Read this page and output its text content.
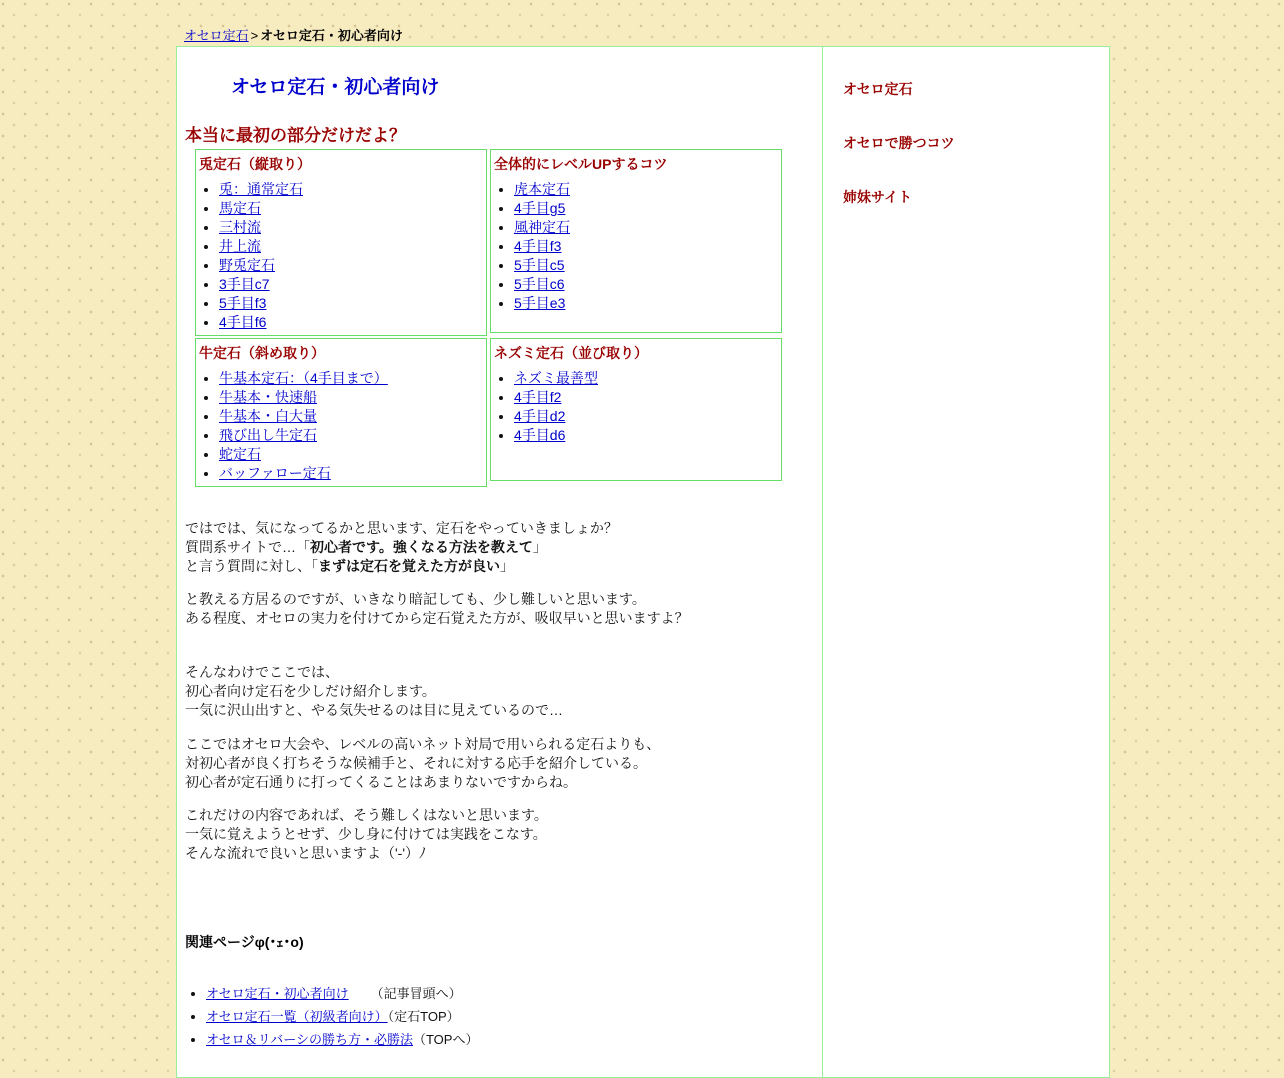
オセロ定石 > オセロ定石・初心者向け
オセロ定石・初心者向け
本当に最初の部分だけだよ？
兎定石（縦取り）
• 兎：通常定石
• 馬定石
• 三村流
• 井上流
• 野兎定石
• 3手目c7
• 5手目f3
• 4手目f6
全体的にレベルUPするコツ
• 虎本定石
• 4手目g5
• 風神定石
• 4手目f3
• 5手目c5
• 5手目c6
• 5手目e3
牛定石（斜め取り）
• 牛基本定石：（4手目まで）
• 牛基本・快速船
• 牛基本・白大量
• 飛び出し牛定石
• 蛇定石
• バッファロー定石
ネズミ定石（並び取り）
• ネズミ最善型
• 4手目f2
• 4手目d2
• 4手目d6

ではでは、気になってるかと思います、定石をやっていきましょか？
質問系サイトで…「初心者です。強くなる方法を教えて」
と言う質問に対し、「まずは定石を覚えた方が良い」

と教える方居るのですが、いきなり暗記しても、少し難しいと思います。
ある程度、オセロの実力を付けてから定石覚えた方が、吸収早いと思いますよ？

そんなわけでここでは、
初心者向け定石を少しだけ紹介します。
一気に沢山出すと、やる気失せるのは目に見えているので…

ここではオセロ大会や、レベルの高いネット対局で用いられる定石よりも、
対初心者が良く打ちそうな候補手と、それに対する応手を紹介している。
初心者が定石通りに打ってくることはあまりないですからね。

これだけの内容であれば、そう難しくはないと思います。
一気に覚えようとせず、少し身に付けては実践をこなす。
そんな流れで良いと思いますよ（'-'）ﾉ

関連ページφ(･ｪ･o)
• オセロ定石・初心者向け （記事冒頭へ）
• オセロ定石一覧（初級者向け）（定石TOP）
• オセロ＆リバーシの勝ち方・必勝法（TOPへ）
オセロ定石
オセロで勝つコツ
姉妹サイト
